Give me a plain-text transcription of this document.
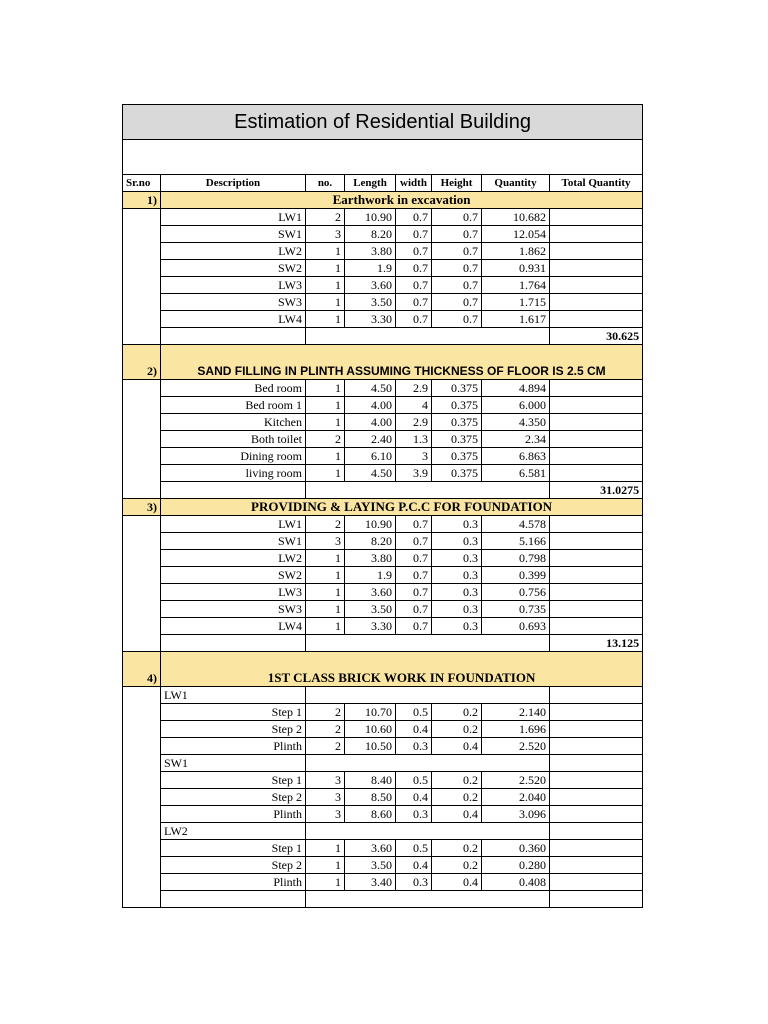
Estimation of Residential Building							

Sr.no	Description	no.	Length	width	Height	Quantity	Total Quantity
1)	Earthwork in excavation						
	LW1	2	10.90	0.7	0.7	10.682	
	SW1	3	8.20	0.7	0.7	12.054	
	LW2	1	3.80	0.7	0.7	1.862	
	SW2	1	1.9	0.7	0.7	0.931	
	LW3	1	3.60	0.7	0.7	1.764	
	SW3	1	3.50	0.7	0.7	1.715	
	LW4	1	3.30	0.7	0.7	1.617	
							30.625
2)	SAND FILLING IN PLINTH ASSUMING THICKNESS OF FLOOR IS 2.5 CM						
	Bed room	1	4.50	2.9	0.375	4.894	
	Bed room 1	1	4.00	4	0.375	6.000	
	Kitchen	1	4.00	2.9	0.375	4.350	
	Both toilet	2	2.40	1.3	0.375	2.34	
	Dining room	1	6.10	3	0.375	6.863	
	living room	1	4.50	3.9	0.375	6.581	
							31.0275
3)	PROVIDING & LAYING P.C.C FOR FOUNDATION						
	LW1	2	10.90	0.7	0.3	4.578	
	SW1	3	8.20	0.7	0.3	5.166	
	LW2	1	3.80	0.7	0.3	0.798	
	SW2	1	1.9	0.7	0.3	0.399	
	LW3	1	3.60	0.7	0.3	0.756	
	SW3	1	3.50	0.7	0.3	0.735	
	LW4	1	3.30	0.7	0.3	0.693	
							13.125
4)	1ST CLASS BRICK WORK IN FOUNDATION						
	LW1						
	Step 1	2	10.70	0.5	0.2	2.140	
	Step 2	2	10.60	0.4	0.2	1.696	
	Plinth	2	10.50	0.3	0.4	2.520	
	SW1						
	Step 1	3	8.40	0.5	0.2	2.520	
	Step 2	3	8.50	0.4	0.2	2.040	
	Plinth	3	8.60	0.3	0.4	3.096	
	LW2						
	Step 1	1	3.60	0.5	0.2	0.360	
	Step 2	1	3.50	0.4	0.2	0.280	
	Plinth	1	3.40	0.3	0.4	0.408	
